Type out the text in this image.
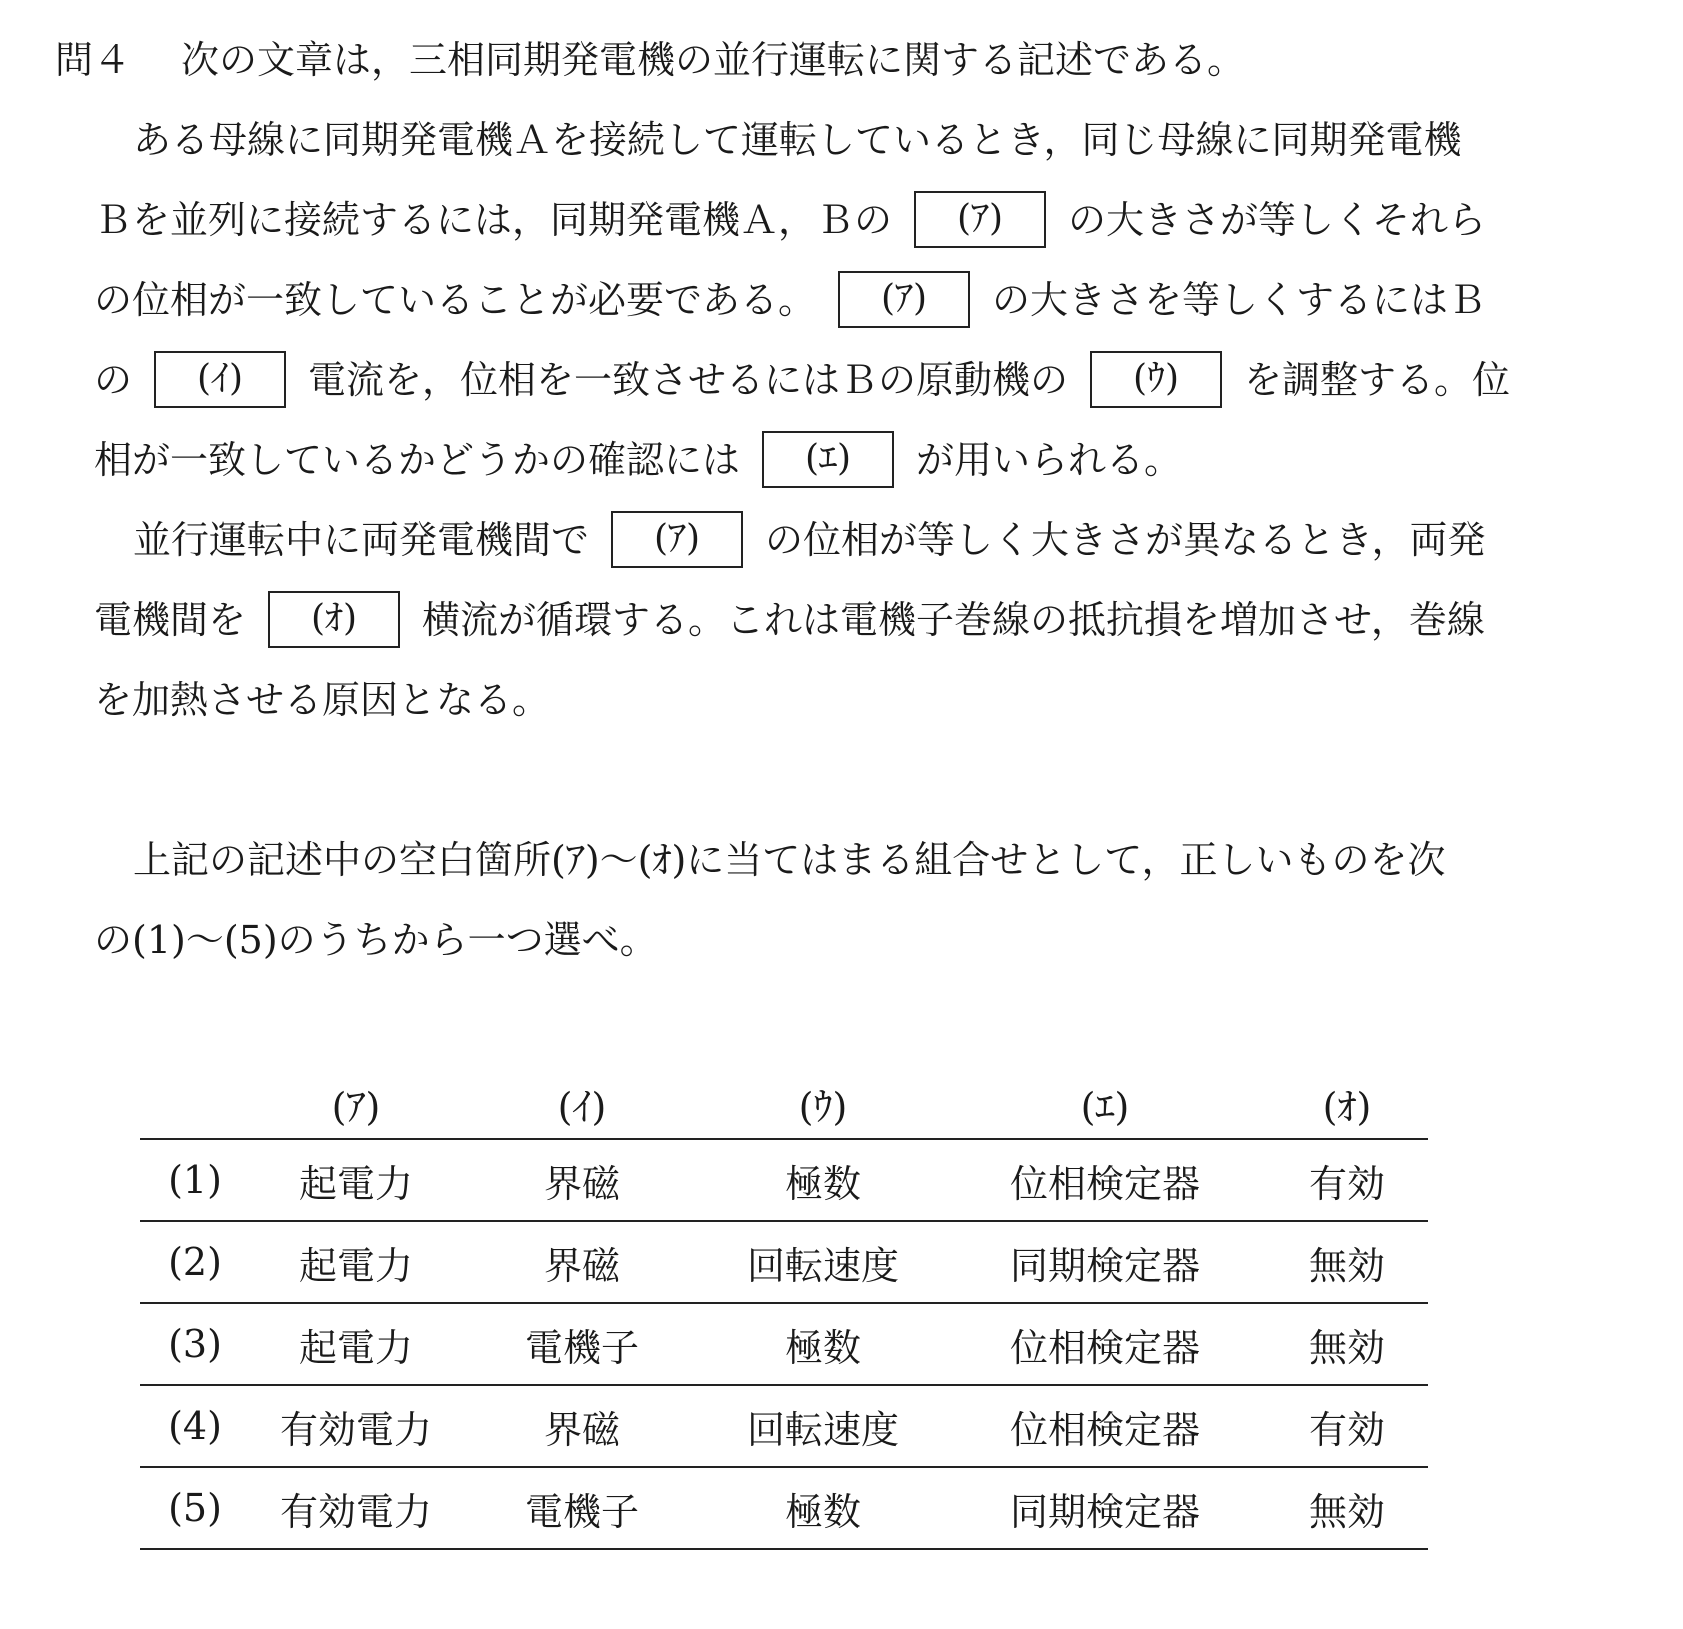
問４ 次の文章は，三相同期発電機の並行運転に関する記述である。
ある母線に同期発電機Ａを接続して運転しているとき，同じ母線に同期発電機
Ｂを並列に接続するには，同期発電機Ａ，Ｂの (ｱ) の大きさが等しくそれら
の位相が一致していることが必要である。 (ｱ) の大きさを等しくするにはＢ
の (ｲ) 電流を，位相を一致させるにはＢの原動機の (ｳ) を調整する。位
相が一致しているかどうかの確認には (ｴ) が用いられる。
並行運転中に両発電機間で (ｱ) の位相が等しく大きさが異なるとき，両発
電機間を (ｵ) 横流が循環する。これは電機子巻線の抵抗損を増加させ，巻線
を加熱させる原因となる。
上記の記述中の空白箇所(ｱ)～(ｵ)に当てはまる組合せとして，正しいものを次
の(1)～(5)のうちから一つ選べ。
	(ｱ)	(ｲ)	(ｳ)	(ｴ)	(ｵ)
(1)	起電力	界磁	極数	位相検定器	有効
(2)	起電力	界磁	回転速度	同期検定器	無効
(3)	起電力	電機子	極数	位相検定器	無効
(4)	有効電力	界磁	回転速度	位相検定器	有効
(5)	有効電力	電機子	極数	同期検定器	無効
